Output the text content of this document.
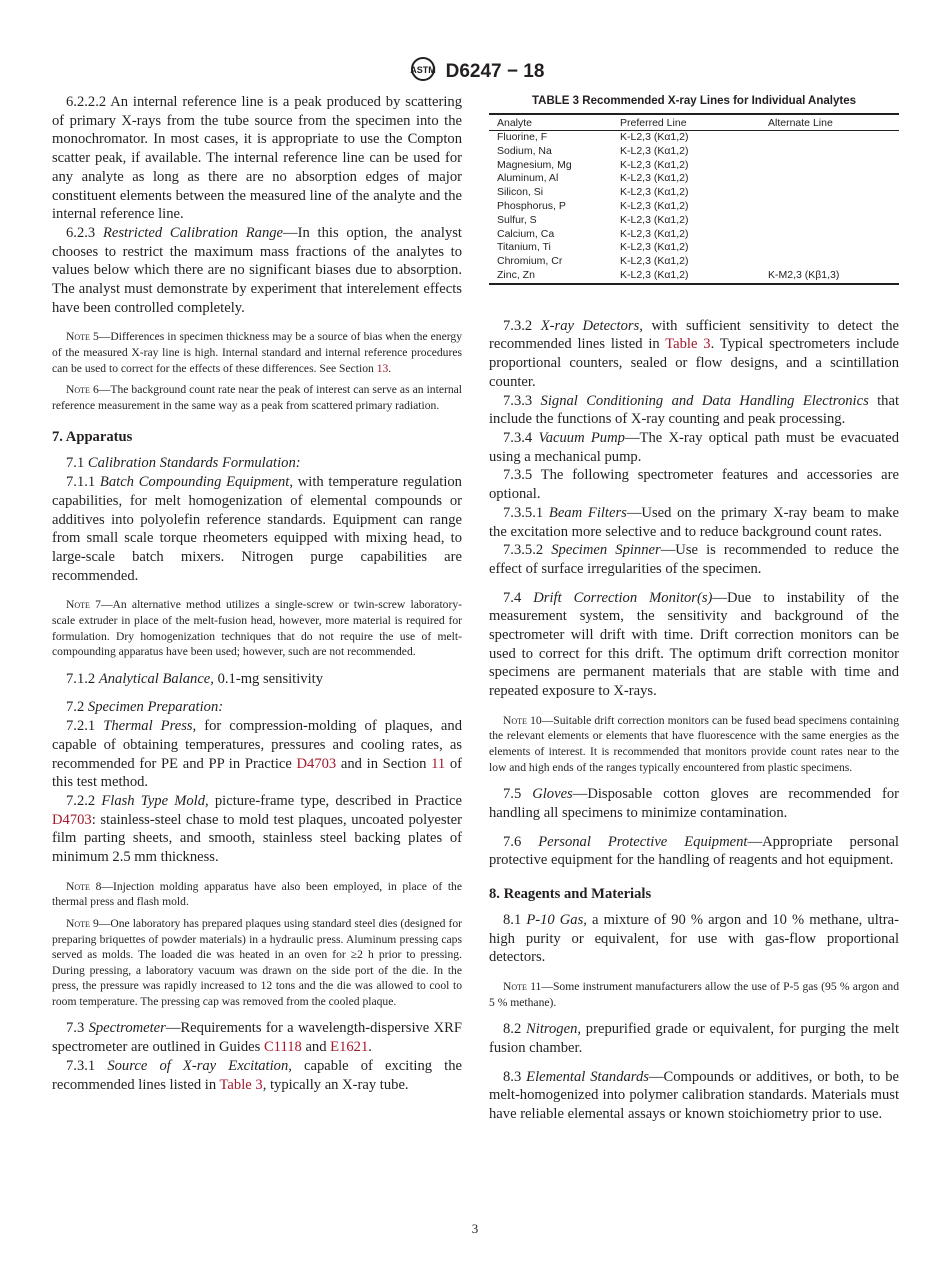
ASTM D6247 − 18

6.2.2.2 An internal reference line is a peak produced by scattering of primary X-rays from the tube source from the specimen into the monochromator. In most cases, it is appropriate to use the Compton scatter peak, if available. The internal reference line can be used for any analyte as long as there are no absorption edges of major constituent elements between the measured line of the analyte and the internal reference line.

6.2.3 Restricted Calibration Range—In this option, the analyst chooses to restrict the maximum mass fractions of the analytes to values below which there are no significant biases due to absorption. The analyst must demonstrate by experiment that interelement effects have been controlled completely.

Note 5—Differences in specimen thickness may be a source of bias when the energy of the measured X-ray line is high. Internal standard and internal reference procedures can be used to correct for the effects of these differences. See Section 13.

Note 6—The background count rate near the peak of interest can serve as an internal reference measurement in the same way as a peak from scattered primary radiation.

7. Apparatus

7.1 Calibration Standards Formulation:

7.1.1 Batch Compounding Equipment, with temperature regulation capabilities, for melt homogenization of elemental compounds or additives into polyolefin reference standards. Equipment can range from small scale torque rheometers equipped with mixing head, to large-scale batch mixers. Nitrogen purge capabilities are recommended.

Note 7—An alternative method utilizes a single-screw or twin-screw laboratory-scale extruder in place of the melt-fusion head, however, more material is required for formulation. Dry homogenization techniques that do not require the use of melt-compounding apparatus have been used; however, such are not recommended.

7.1.2 Analytical Balance, 0.1-mg sensitivity

7.2 Specimen Preparation:

7.2.1 Thermal Press, for compression-molding of plaques, and capable of obtaining temperatures, pressures and cooling rates, as recommended for PE and PP in Practice D4703 and in Section 11 of this test method.

7.2.2 Flash Type Mold, picture-frame type, described in Practice D4703: stainless-steel chase to mold test plaques, uncoated polyester film parting sheets, and smooth, stainless steel backing plates of minimum 2.5 mm thickness.

Note 8—Injection molding apparatus have also been employed, in place of the thermal press and flash mold.

Note 9—One laboratory has prepared plaques using standard steel dies (designed for preparing briquettes of powder materials) in a hydraulic press. Aluminum pressing caps served as molds. The loaded die was heated in an oven for ≥2 h prior to pressing. During pressing, a laboratory vacuum was drawn on the side port of the die. In the press, the pressure was rapidly increased to 12 tons and the die was allowed to cool to room temperature. The pressing cap was removed from the cooled plaque.

7.3 Spectrometer—Requirements for a wavelength-dispersive XRF spectrometer are outlined in Guides C1118 and E1621.

7.3.1 Source of X-ray Excitation, capable of exciting the recommended lines listed in Table 3, typically an X-ray tube.

TABLE 3 Recommended X-ray Lines for Individual Analytes
Analyte	Preferred Line	Alternate Line
Fluorine, F	K-L2,3 (Kα1,2)	
Sodium, Na	K-L2,3 (Kα1,2)	
Magnesium, Mg	K-L2,3 (Kα1,2)	
Aluminum, Al	K-L2,3 (Kα1,2)	
Silicon, Si	K-L2,3 (Kα1,2)	
Phosphorus, P	K-L2,3 (Kα1,2)	
Sulfur, S	K-L2,3 (Kα1,2)	
Calcium, Ca	K-L2,3 (Kα1,2)	
Titanium, Ti	K-L2,3 (Kα1,2)	
Chromium, Cr	K-L2,3 (Kα1,2)	
Zinc, Zn	K-L2,3 (Kα1,2)	K-M2,3 (Kβ1,3)

7.3.2 X-ray Detectors, with sufficient sensitivity to detect the recommended lines listed in Table 3. Typical spectrometers include proportional counters, sealed or flow designs, and a scintillation counter.

7.3.3 Signal Conditioning and Data Handling Electronics that include the functions of X-ray counting and peak processing.

7.3.4 Vacuum Pump—The X-ray optical path must be evacuated using a mechanical pump.

7.3.5 The following spectrometer features and accessories are optional.

7.3.5.1 Beam Filters—Used on the primary X-ray beam to make the excitation more selective and to reduce background count rates.

7.3.5.2 Specimen Spinner—Use is recommended to reduce the effect of surface irregularities of the specimen.

7.4 Drift Correction Monitor(s)—Due to instability of the measurement system, the sensitivity and background of the spectrometer will drift with time. Drift correction monitors can be used to correct for this drift. The optimum drift correction monitor specimens are permanent materials that are stable with time and repeated exposure to X-rays.

Note 10—Suitable drift correction monitors can be fused bead specimens containing the relevant elements or elements that have fluorescence with the same energies as the elements of interest. It is recommended that monitors provide count rates near to the low and high ends of the ranges typically encountered from plastic specimens.

7.5 Gloves—Disposable cotton gloves are recommended for handling all specimens to minimize contamination.

7.6 Personal Protective Equipment—Appropriate personal protective equipment for the handling of reagents and hot equipment.

8. Reagents and Materials

8.1 P-10 Gas, a mixture of 90 % argon and 10 % methane, ultra-high purity or equivalent, for use with gas-flow proportional detectors.

Note 11—Some instrument manufacturers allow the use of P-5 gas (95 % argon and 5 % methane).

8.2 Nitrogen, prepurified grade or equivalent, for purging the melt fusion chamber.

8.3 Elemental Standards—Compounds or additives, or both, to be melt-homogenized into polymer calibration standards. Materials must have reliable elemental assays or known stoichiometry prior to use.

3
